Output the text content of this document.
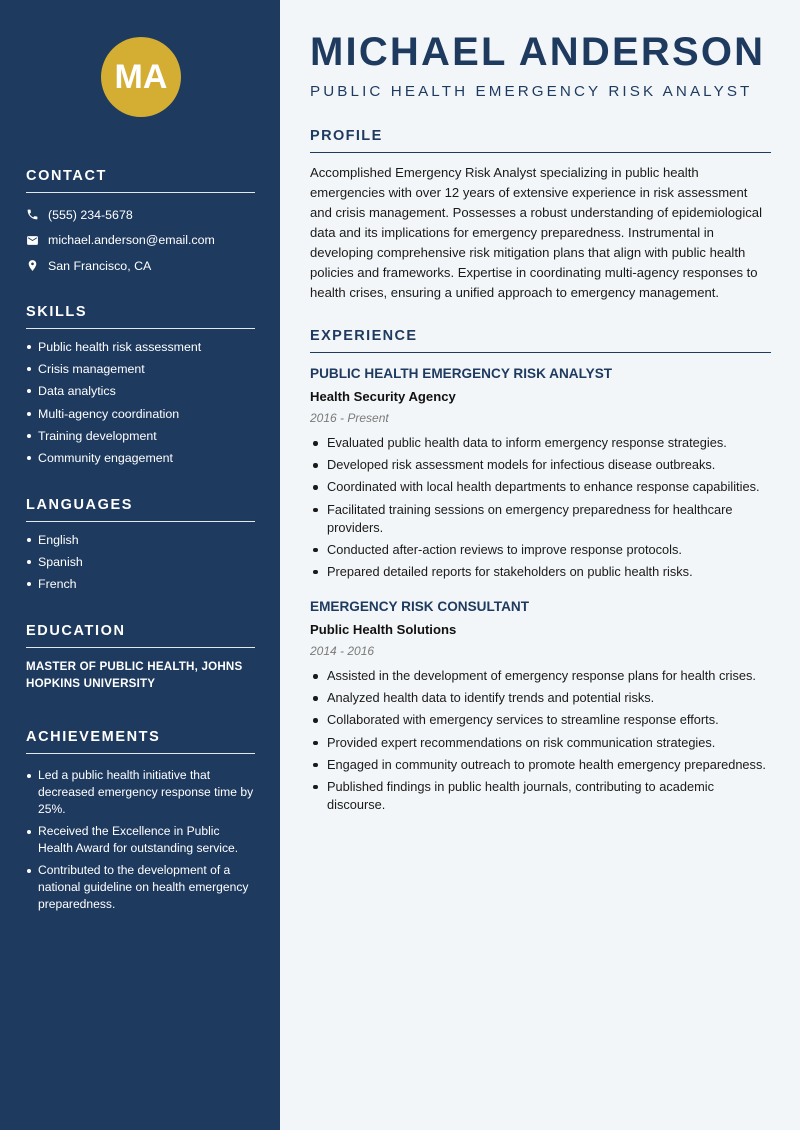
MA
CONTACT
(555) 234-5678
michael.anderson@email.com
San Francisco, CA
SKILLS
Public health risk assessment
Crisis management
Data analytics
Multi-agency coordination
Training development
Community engagement
LANGUAGES
English
Spanish
French
EDUCATION
MASTER OF PUBLIC HEALTH, JOHNS HOPKINS UNIVERSITY
ACHIEVEMENTS
Led a public health initiative that decreased emergency response time by 25%.
Received the Excellence in Public Health Award for outstanding service.
Contributed to the development of a national guideline on health emergency preparedness.
MICHAEL ANDERSON
PUBLIC HEALTH EMERGENCY RISK ANALYST
PROFILE
Accomplished Emergency Risk Analyst specializing in public health emergencies with over 12 years of extensive experience in risk assessment and crisis management. Possesses a robust understanding of epidemiological data and its implications for emergency preparedness. Instrumental in developing comprehensive risk mitigation plans that align with public health policies and frameworks. Expertise in coordinating multi-agency responses to health crises, ensuring a unified approach to emergency management.
EXPERIENCE
PUBLIC HEALTH EMERGENCY RISK ANALYST
Health Security Agency
2016 - Present
Evaluated public health data to inform emergency response strategies.
Developed risk assessment models for infectious disease outbreaks.
Coordinated with local health departments to enhance response capabilities.
Facilitated training sessions on emergency preparedness for healthcare providers.
Conducted after-action reviews to improve response protocols.
Prepared detailed reports for stakeholders on public health risks.
EMERGENCY RISK CONSULTANT
Public Health Solutions
2014 - 2016
Assisted in the development of emergency response plans for health crises.
Analyzed health data to identify trends and potential risks.
Collaborated with emergency services to streamline response efforts.
Provided expert recommendations on risk communication strategies.
Engaged in community outreach to promote health emergency preparedness.
Published findings in public health journals, contributing to academic discourse.
